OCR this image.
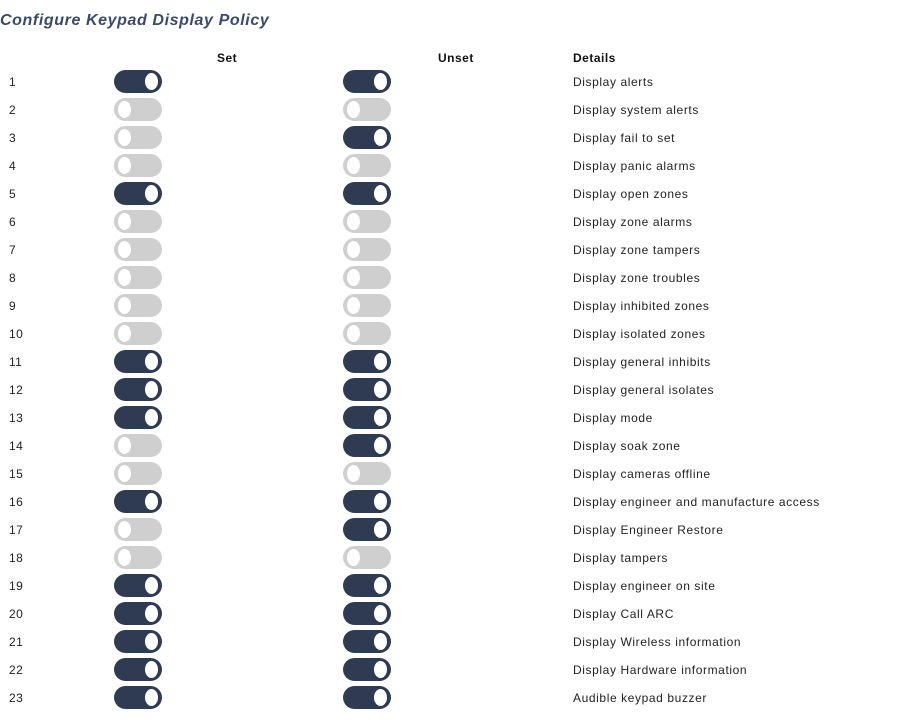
Configure Keypad Display Policy
Set	Unset	Details
1	Display alerts
2	Display system alerts
3	Display fail to set
4	Display panic alarms
5	Display open zones
6	Display zone alarms
7	Display zone tampers
8	Display zone troubles
9	Display inhibited zones
10	Display isolated zones
11	Display general inhibits
12	Display general isolates
13	Display mode
14	Display soak zone
15	Display cameras offline
16	Display engineer and manufacture access
17	Display Engineer Restore
18	Display tampers
19	Display engineer on site
20	Display Call ARC
21	Display Wireless information
22	Display Hardware information
23	Audible keypad buzzer
